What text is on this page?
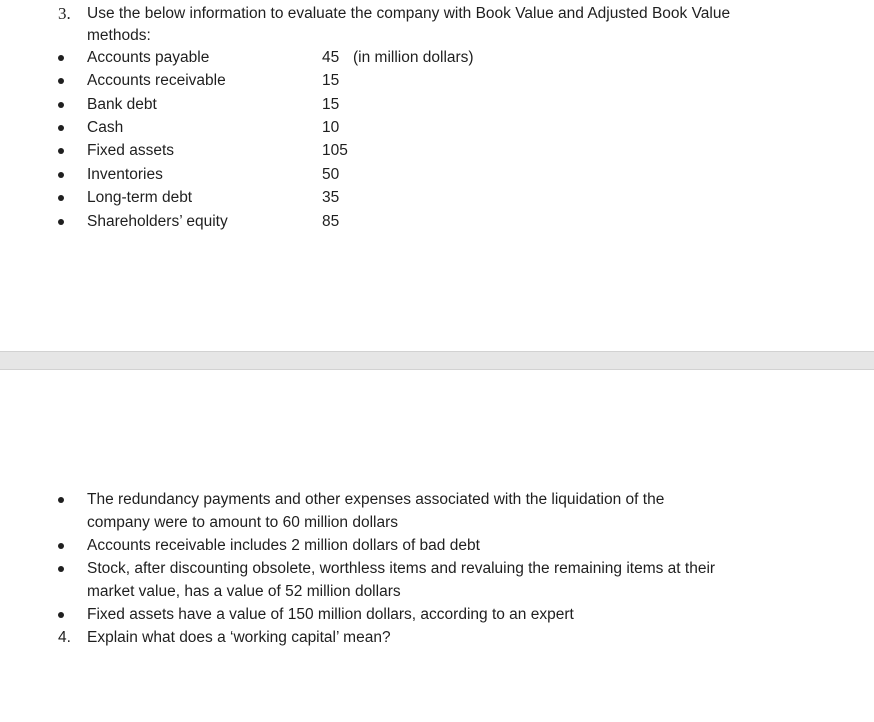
3. Use the below information to evaluate the company with Book Value and Adjusted Book Value
methods:
Accounts payable	45 (in million dollars)
Accounts receivable	15
Bank debt	15
Cash	10
Fixed assets	105
Inventories	50
Long-term debt	35
Shareholders’ equity	85
The redundancy payments and other expenses associated with the liquidation of the
company were to amount to 60 million dollars
Accounts receivable includes 2 million dollars of bad debt
Stock, after discounting obsolete, worthless items and revaluing the remaining items at their
market value, has a value of 52 million dollars
Fixed assets have a value of 150 million dollars, according to an expert
4. Explain what does a ‘working capital’ mean?
